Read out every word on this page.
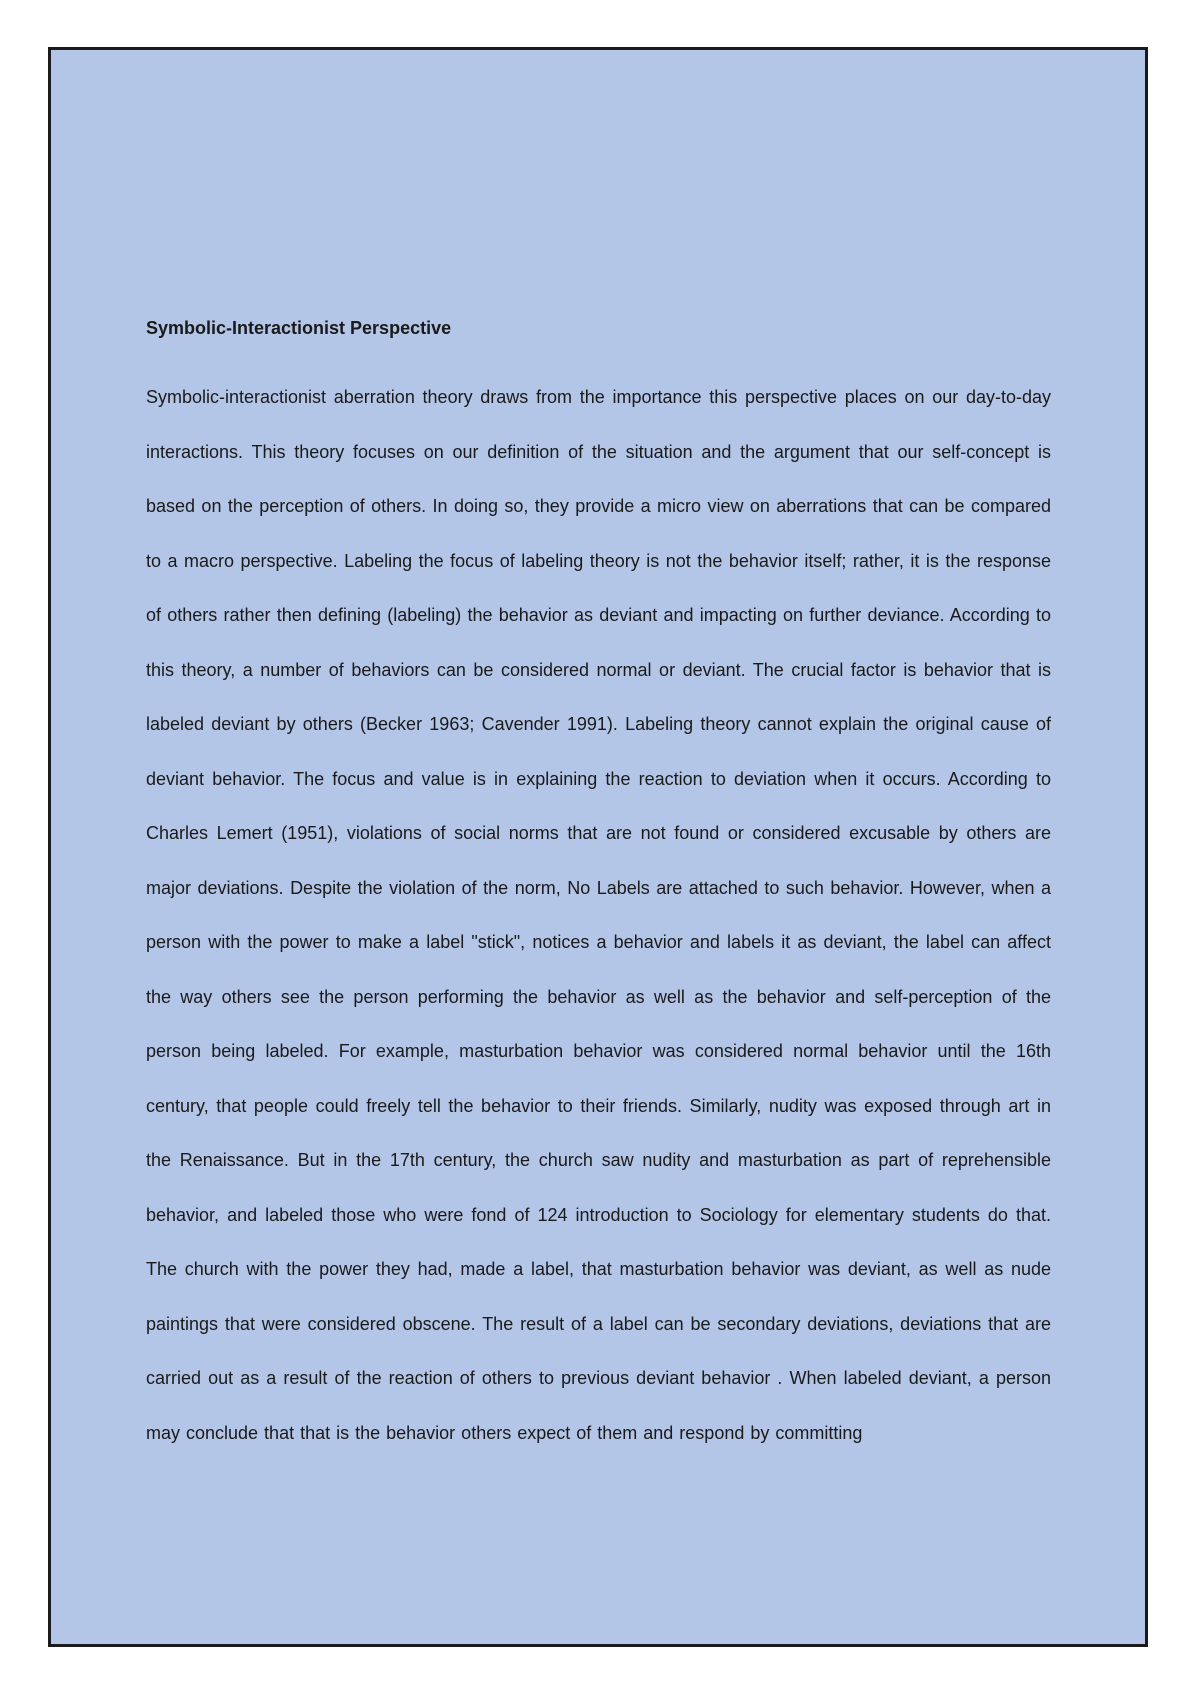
Symbolic-Interactionist Perspective

Symbolic-interactionist aberration theory draws from the importance this perspective places on our day-to-day interactions. This theory focuses on our definition of the situation and the argument that our self-concept is based on the perception of others. In doing so, they provide a micro view on aberrations that can be compared to a macro perspective. Labeling the focus of labeling theory is not the behavior itself; rather, it is the response of others rather then defining (labeling) the behavior as deviant and impacting on further deviance. According to this theory, a number of behaviors can be considered normal or deviant. The crucial factor is behavior that is labeled deviant by others (Becker 1963; Cavender 1991). Labeling theory cannot explain the original cause of deviant behavior. The focus and value is in explaining the reaction to deviation when it occurs. According to Charles Lemert (1951), violations of social norms that are not found or considered excusable by others are major deviations. Despite the violation of the norm, No Labels are attached to such behavior. However, when a person with the power to make a label "stick", notices a behavior and labels it as deviant, the label can affect the way others see the person performing the behavior as well as the behavior and self-perception of the person being labeled. For example, masturbation behavior was considered normal behavior until the 16th century, that people could freely tell the behavior to their friends. Similarly, nudity was exposed through art in the Renaissance. But in the 17th century, the church saw nudity and masturbation as part of reprehensible behavior, and labeled those who were fond of 124 introduction to Sociology for elementary students do that. The church with the power they had, made a label, that masturbation behavior was deviant, as well as nude paintings that were considered obscene. The result of a label can be secondary deviations, deviations that are carried out as a result of the reaction of others to previous deviant behavior . When labeled deviant, a person may conclude that that is the behavior others expect of them and respond by committing
